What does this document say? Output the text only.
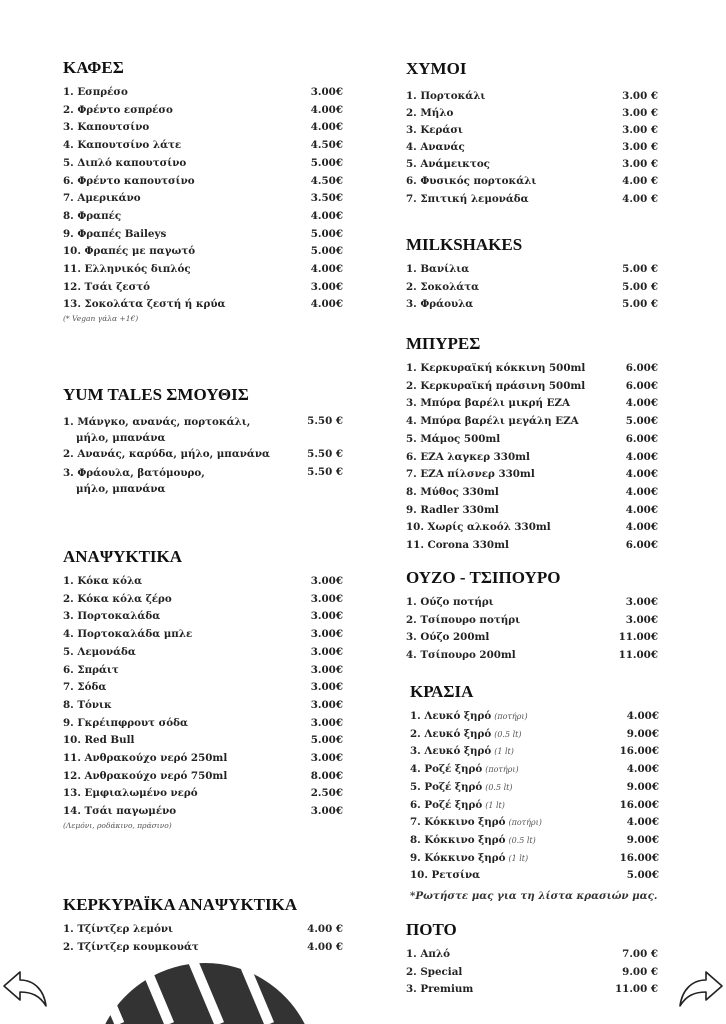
ΚΑΦΕΣ
1. Εσπρέσο	3.00€
2. Φρέντο εσπρέσο	4.00€
3. Καπουτσίνο	4.00€
4. Καπουτσίνο λάτε	4.50€
5. Διπλό καπουτσίνο	5.00€
6. Φρέντο καπουτσίνο	4.50€
7. Αμερικάνο	3.50€
8. Φραπές	4.00€
9. Φραπές Baileys	5.00€
10. Φραπές με παγωτό	5.00€
11. Ελληνικός διπλός	4.00€
12. Τσάι ζεστό	3.00€
13. Σοκολάτα ζεστή ή κρύα	4.00€
(* Vegan γάλα +1€)
YUM TALES ΣΜΟΥΘΙΣ
1. Μάνγκο, ανανάς, πορτοκάλι,
μήλο, μπανάνα
5.50 €
2. Ανανάς, καρύδα, μήλο, μπανάνα	5.50 €
3. Φράουλα, βατόμουρο,
μήλο, μπανάνα
5.50 €
ΑΝΑΨΥΚΤΙΚΑ
1. Κόκα κόλα	3.00€
2. Κόκα κόλα ζέρο	3.00€
3. Πορτοκαλάδα	3.00€
4. Πορτοκαλάδα μπλε	3.00€
5. Λεμονάδα	3.00€
6. Σπράιτ	3.00€
7. Σόδα	3.00€
8. Τόνικ	3.00€
9. Γκρέιπφρουτ σόδα	3.00€
10. Red Bull	5.00€
11. Ανθρακούχο νερό 250ml	3.00€
12. Ανθρακούχο νερό 750ml	8.00€
13. Εμφιαλωμένο νερό	2.50€
14. Τσάι παγωμένο	3.00€
(Λεμόνι, ροδάκινο, πράσινο)
ΚΕΡΚΥΡΑΪΚΑ ΑΝΑΨΥΚΤΙΚΑ
1. Τζίντζερ λεμόνι	4.00 €
2. Τζίντζερ κουμκουάτ	4.00 €
ΧΥΜΟΙ
1. Πορτοκάλι	3.00 €
2. Μήλο	3.00 €
3. Κεράσι	3.00 €
4. Ανανάς	3.00 €
5. Ανάμεικτος	3.00 €
6. Φυσικός πορτοκάλι	4.00 €
7. Σπιτική λεμονάδα	4.00 €
MILKSHAKES
1. Βανίλια	5.00 €
2. Σοκολάτα	5.00 €
3. Φράουλα	5.00 €
ΜΠΥΡΕΣ
1. Κερκυραϊκή κόκκινη 500ml	6.00€
2. Κερκυραϊκή πράσινη 500ml	6.00€
3. Μπύρα βαρέλι μικρή ΕΖΑ	4.00€
4. Μπύρα βαρέλι μεγάλη ΕΖΑ	5.00€
5. Μάμος 500ml	6.00€
6. ΕΖΑ λαγκερ 330ml	4.00€
7. ΕΖΑ πίλσνερ 330ml	4.00€
8. Μύθος 330ml	4.00€
9. Radler 330ml	4.00€
10. Χωρίς αλκοόλ 330ml	4.00€
11. Corona 330ml	6.00€
ΟΥΖΟ - ΤΣΙΠΟΥΡΟ
1. Ούζο ποτήρι	3.00€
2. Τσίπουρο ποτήρι	3.00€
3. Ούζο 200ml	11.00€
4. Τσίπουρο 200ml	11.00€
ΚΡΑΣΙΑ
1. Λευκό ξηρό (ποτήρι)	4.00€
2. Λευκό ξηρό (0.5 lt)	9.00€
3. Λευκό ξηρό (1 lt)	16.00€
4. Ροζέ ξηρό (ποτήρι)	4.00€
5. Ροζέ ξηρό (0.5 lt)	9.00€
6. Ροζέ ξηρό (1 lt)	16.00€
7. Κόκκινο ξηρό (ποτήρι)	4.00€
8. Κόκκινο ξηρό (0.5 lt)	9.00€
9. Κόκκινο ξηρό (1 lt)	16.00€
10. Ρετσίνα	5.00€
*Ρωτήστε μας για τη λίστα κρασιών μας.
ΠΟΤΟ
1. Απλό	7.00 €
2. Special	9.00 €
3. Premium	11.00 €
